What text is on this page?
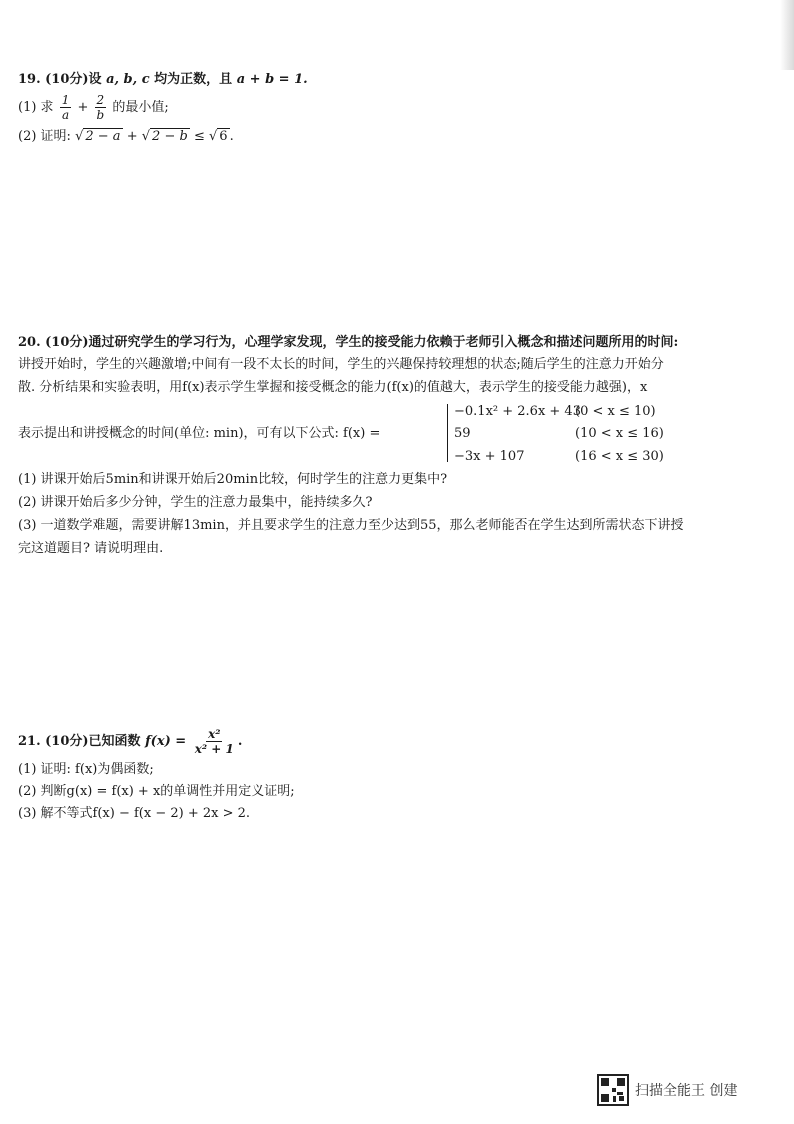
19. (10分)设 a, b, c 均为正数，且 a + b = 1.
(1) 求 $\frac{1}{a} + \frac{2}{b}$ 的最小值;
(2) 证明: √ 2 − a + √ 2 − b ≤ √ 6 .
20. (10分)通过研究学生的学习行为，心理学家发现，学生的接受能力依赖于老师引入概念和描述问题所用的时间:
讲授开始时，学生的兴趣激增;中间有一段不太长的时间，学生的兴趣保持较理想的状态;随后学生的注意力开始分
散. 分析结果和实验表明，用f(x)表示学生掌握和接受概念的能力(f(x)的值越大，表示学生的接受能力越强)，x
表示提出和讲授概念的时间(单位: min)，可有以下公式: f(x) =
−0.1x² + 2.6x + 43
(0 < x ≤ 10)
59	(10 < x ≤ 16)
−3x + 107	(16 < x ≤ 30)
(1) 讲课开始后5min和讲课开始后20min比较，何时学生的注意力更集中?
(2) 讲课开始后多少分钟，学生的注意力最集中，能持续多久?
(3) 一道数学难题，需要讲解13min，并且要求学生的注意力至少达到55，那么老师能否在学生达到所需状态下讲授
完这道题目? 请说明理由.
21. (10分)已知函数 $f(x) = \frac{\text{x²}}{\text{x² + 1}}$ .
(1) 证明: f(x)为偶函数;
(2) 判断g(x) = f(x) + x的单调性并用定义证明;
(3) 解不等式f(x) − f(x − 2) + 2x > 2.
扫描全能王 创建
